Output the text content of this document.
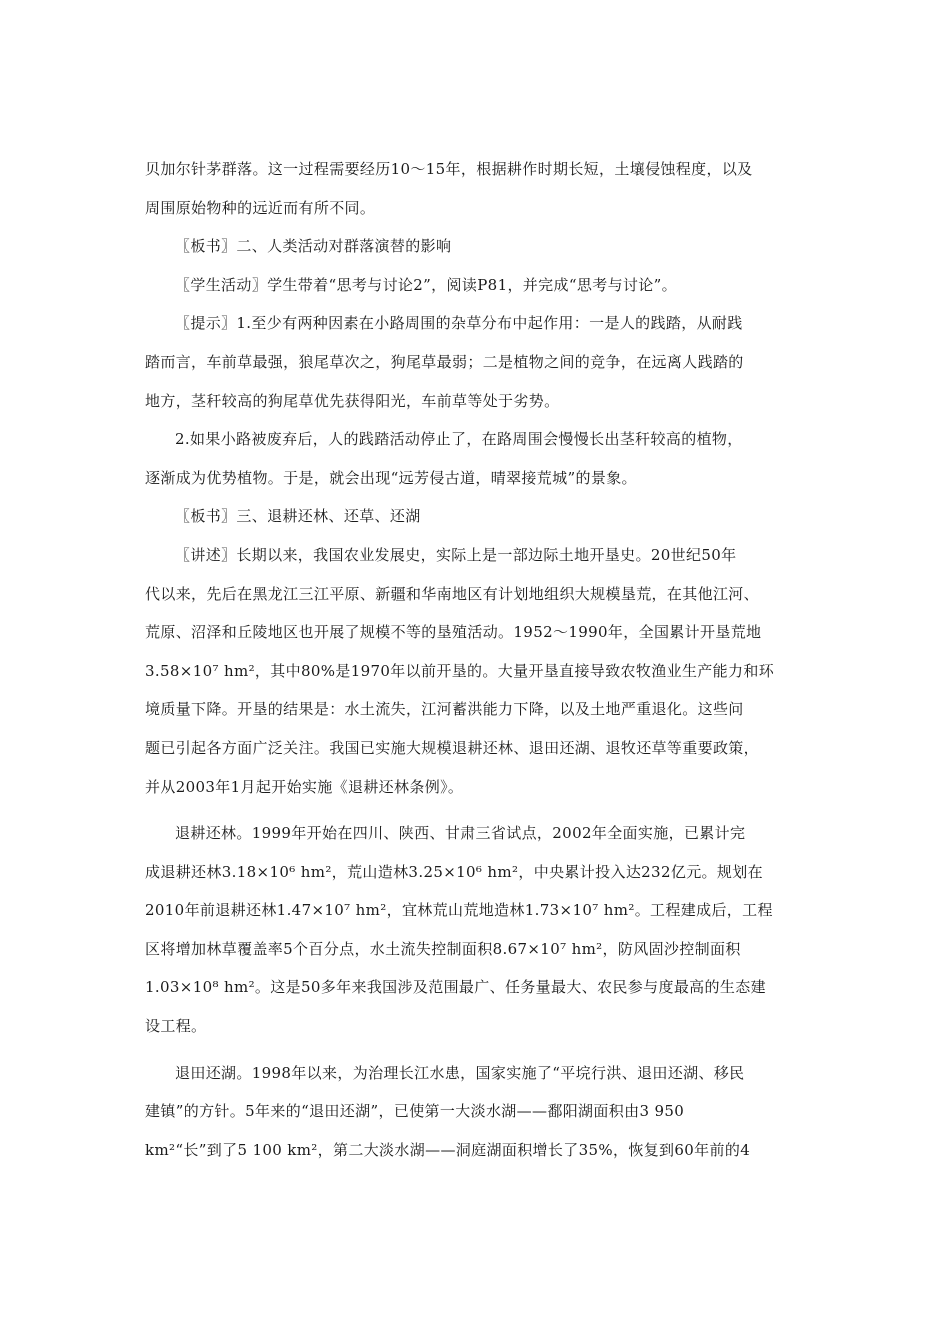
贝加尔针茅群落。这一过程需要经历10～15年，根据耕作时期长短，土壤侵蚀程度，以及
周围原始物种的远近而有所不同。
〖板书〗二、人类活动对群落演替的影响
〖学生活动〗学生带着“思考与讨论2”，阅读P81，并完成“思考与讨论”。
〖提示〗1.至少有两种因素在小路周围的杂草分布中起作用：一是人的践踏，从耐践
踏而言，车前草最强，狼尾草次之，狗尾草最弱；二是植物之间的竞争，在远离人践踏的
地方，茎秆较高的狗尾草优先获得阳光，车前草等处于劣势。
2.如果小路被废弃后，人的践踏活动停止了，在路周围会慢慢长出茎秆较高的植物，
逐渐成为优势植物。于是，就会出现“远芳侵古道，晴翠接荒城”的景象。
〖板书〗三、退耕还林、还草、还湖
〖讲述〗长期以来，我国农业发展史，实际上是一部边际土地开垦史。20世纪50年
代以来，先后在黑龙江三江平原、新疆和华南地区有计划地组织大规模垦荒，在其他江河、
荒原、沼泽和丘陵地区也开展了规模不等的垦殖活动。1952～1990年，全国累计开垦荒地
3.58×10⁷ hm²，其中80%是1970年以前开垦的。大量开垦直接导致农牧渔业生产能力和环
境质量下降。开垦的结果是：水土流失，江河蓄洪能力下降，以及土地严重退化。这些问
题已引起各方面广泛关注。我国已实施大规模退耕还林、退田还湖、退牧还草等重要政策，
并从2003年1月起开始实施《退耕还林条例》。
退耕还林。1999年开始在四川、陕西、甘肃三省试点，2002年全面实施，已累计完
成退耕还林3.18×10⁶ hm²，荒山造林3.25×10⁶ hm²，中央累计投入达232亿元。规划在
2010年前退耕还林1.47×10⁷ hm²，宜林荒山荒地造林1.73×10⁷ hm²。工程建成后，工程
区将增加林草覆盖率5个百分点，水土流失控制面积8.67×10⁷ hm²，防风固沙控制面积
1.03×10⁸ hm²。这是50多年来我国涉及范围最广、任务量最大、农民参与度最高的生态建
设工程。
退田还湖。1998年以来，为治理长江水患，国家实施了“平垸行洪、退田还湖、移民
建镇”的方针。5年来的“退田还湖”，已使第一大淡水湖——鄱阳湖面积由3 950
km²“长”到了5 100 km²，第二大淡水湖——洞庭湖面积增长了35%，恢复到60年前的4
